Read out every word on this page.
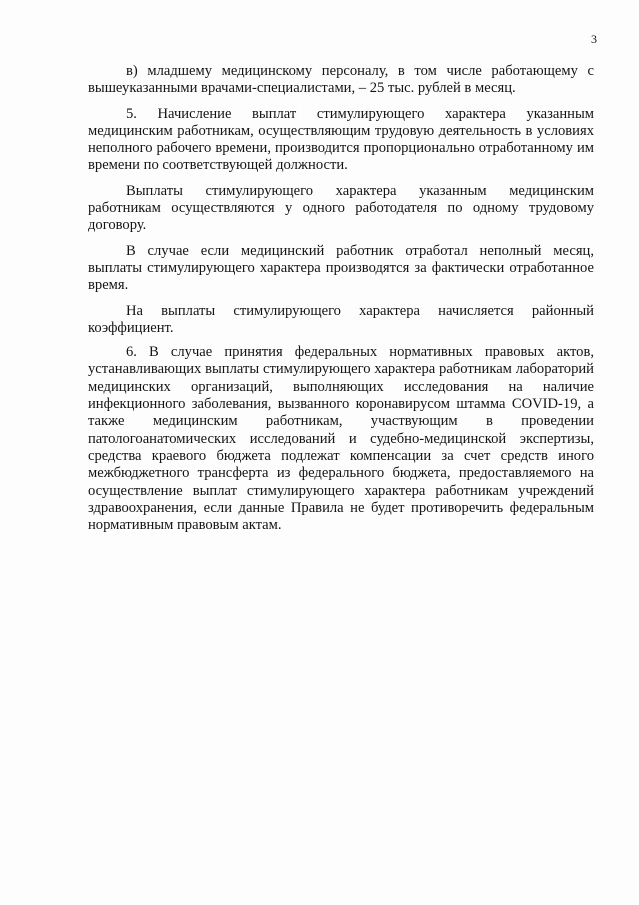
3

в) младшему медицинскому персоналу, в том числе работающему с вышеуказанными врачами-специалистами, – 25 тыс. рублей в месяц.

5. Начисление выплат стимулирующего характера указанным медицинским работникам, осуществляющим трудовую деятельность в условиях неполного рабочего времени, производится пропорционально отработанному им времени по соответствующей должности.

Выплаты стимулирующего характера указанным медицинским работникам осуществляются у одного работодателя по одному трудовому договору.

В случае если медицинский работник отработал неполный месяц, выплаты стимулирующего характера производятся за фактически отработанное время.

На выплаты стимулирующего характера начисляется районный коэффициент.

6. В случае принятия федеральных нормативных правовых актов, устанавливающих выплаты стимулирующего характера работникам лабораторий медицинских организаций, выполняющих исследования на наличие инфекционного заболевания, вызванного коронавирусом штамма COVID-19, а также медицинским работникам, участвующим в проведении патологоанатомических исследований и судебно-медицинской экспертизы, средства краевого бюджета подлежат компенсации за счет средств иного межбюджетного трансферта из федерального бюджета, предоставляемого на осуществление выплат стимулирующего характера работникам учреждений здравоохранения, если данные Правила не будет противоречить федеральным нормативным правовым актам.
